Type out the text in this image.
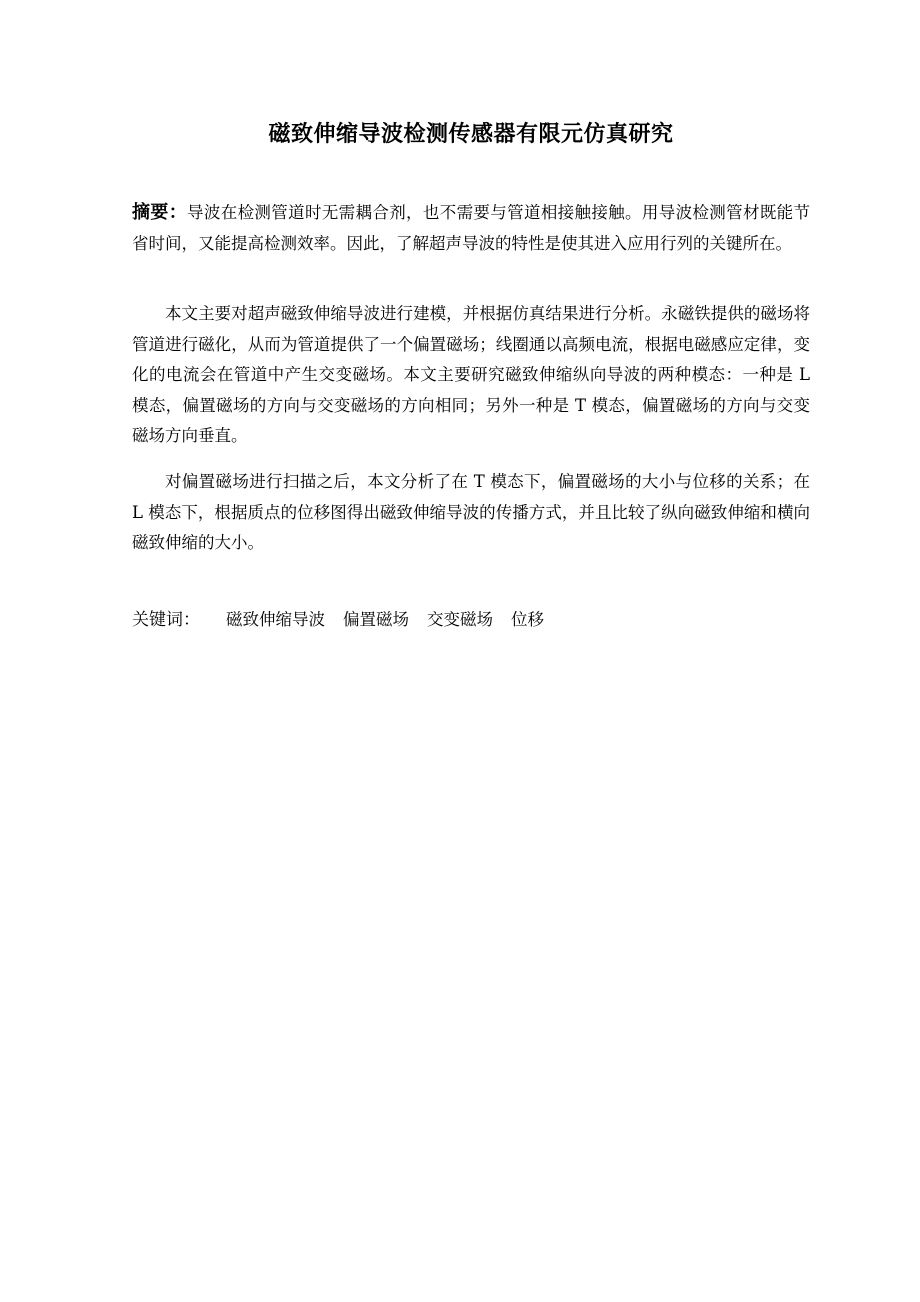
磁致伸缩导波检测传感器有限元仿真研究

摘要：导波在检测管道时无需耦合剂，也不需要与管道相接触接触。用导波检测管材既能节省时间，又能提高检测效率。因此，了解超声导波的特性是使其进入应用行列的关键所在。

本文主要对超声磁致伸缩导波进行建模，并根据仿真结果进行分析。永磁铁提供的磁场将管道进行磁化，从而为管道提供了一个偏置磁场；线圈通以高频电流，根据电磁感应定律，变化的电流会在管道中产生交变磁场。本文主要研究磁致伸缩纵向导波的两种模态：一种是 L 模态，偏置磁场的方向与交变磁场的方向相同；另外一种是 T 模态，偏置磁场的方向与交变磁场方向垂直。

对偏置磁场进行扫描之后，本文分析了在 T 模态下，偏置磁场的大小与位移的关系；在 L 模态下，根据质点的位移图得出磁致伸缩导波的传播方式，并且比较了纵向磁致伸缩和横向磁致伸缩的大小。

关键词： 磁致伸缩导波 偏置磁场 交变磁场 位移
